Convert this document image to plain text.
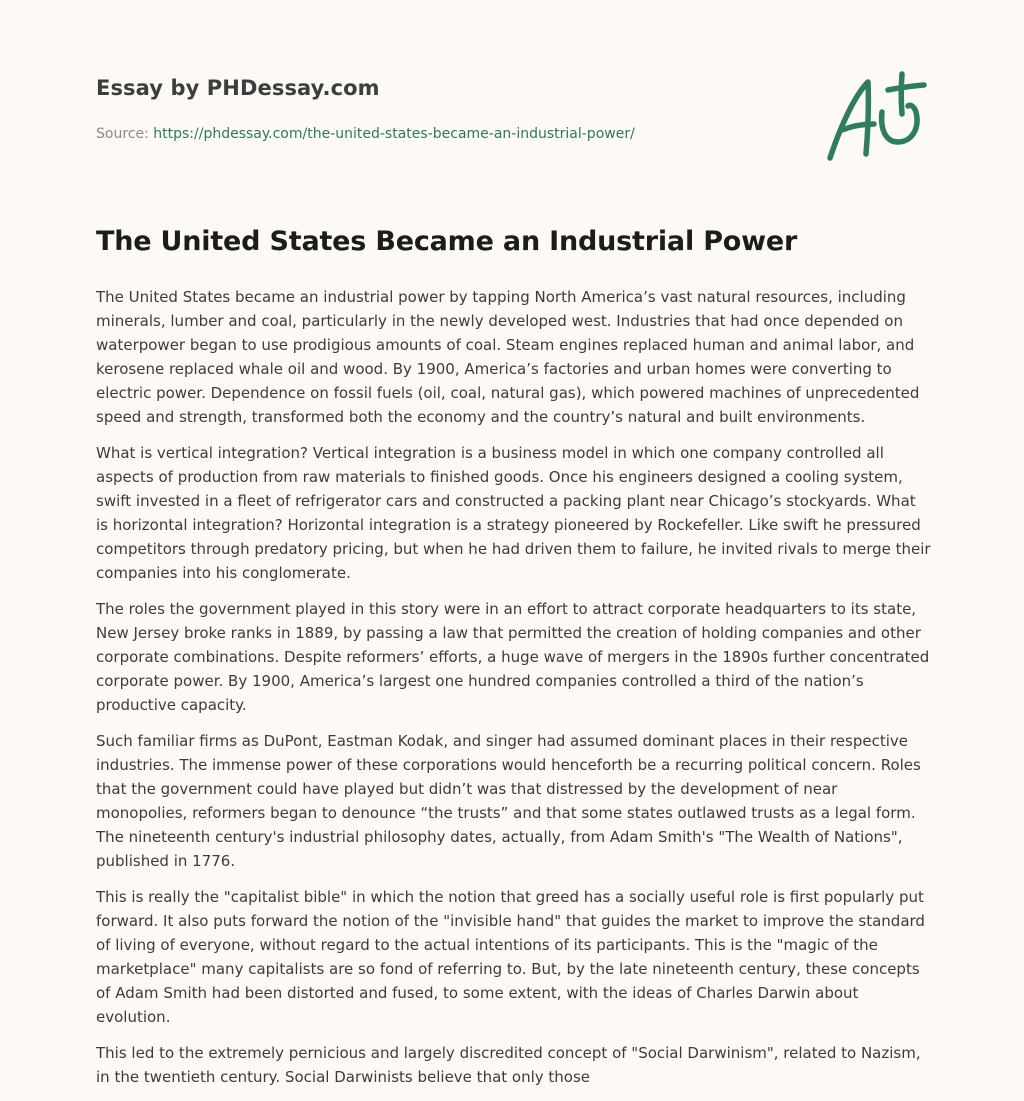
Essay by PHDessay.com
Source: https://phdessay.com/the-united-states-became-an-industrial-power/
The United States Became an Industrial Power

The United States became an industrial power by tapping North America’s vast natural resources, including minerals, lumber and coal, particularly in the newly developed west. Industries that had once depended on waterpower began to use prodigious amounts of coal. Steam engines replaced human and animal labor, and kerosene replaced whale oil and wood. By 1900, America’s factories and urban homes were converting to electric power. Dependence on fossil fuels (oil, coal, natural gas), which powered machines of unprecedented speed and strength, transformed both the economy and the country’s natural and built environments.

What is vertical integration? Vertical integration is a business model in which one company controlled all aspects of production from raw materials to finished goods. Once his engineers designed a cooling system, swift invested in a fleet of refrigerator cars and constructed a packing plant near Chicago’s stockyards. What is horizontal integration? Horizontal integration is a strategy pioneered by Rockefeller. Like swift he pressured competitors through predatory pricing, but when he had driven them to failure, he invited rivals to merge their companies into his conglomerate.

The roles the government played in this story were in an effort to attract corporate headquarters to its state, New Jersey broke ranks in 1889, by passing a law that permitted the creation of holding companies and other corporate combinations. Despite reformers’ efforts, a huge wave of mergers in the 1890s further concentrated corporate power. By 1900, America’s largest one hundred companies controlled a third of the nation’s productive capacity.

Such familiar firms as DuPont, Eastman Kodak, and singer had assumed dominant places in their respective industries. The immense power of these corporations would henceforth be a recurring political concern. Roles that the government could have played but didn’t was that distressed by the development of near monopolies, reformers began to denounce “the trusts” and that some states outlawed trusts as a legal form. The nineteenth century's industrial philosophy dates, actually, from Adam Smith's "The Wealth of Nations", published in 1776.

This is really the "capitalist bible" in which the notion that greed has a socially useful role is first popularly put forward. It also puts forward the notion of the "invisible hand" that guides the market to improve the standard of living of everyone, without regard to the actual intentions of its participants. This is the "magic of the marketplace" many capitalists are so fond of referring to. But, by the late nineteenth century, these concepts of Adam Smith had been distorted and fused, to some extent, with the ideas of Charles Darwin about evolution.

This led to the extremely pernicious and largely discredited concept of "Social Darwinism", related to Nazism, in the twentieth century. Social Darwinists believe that only those
